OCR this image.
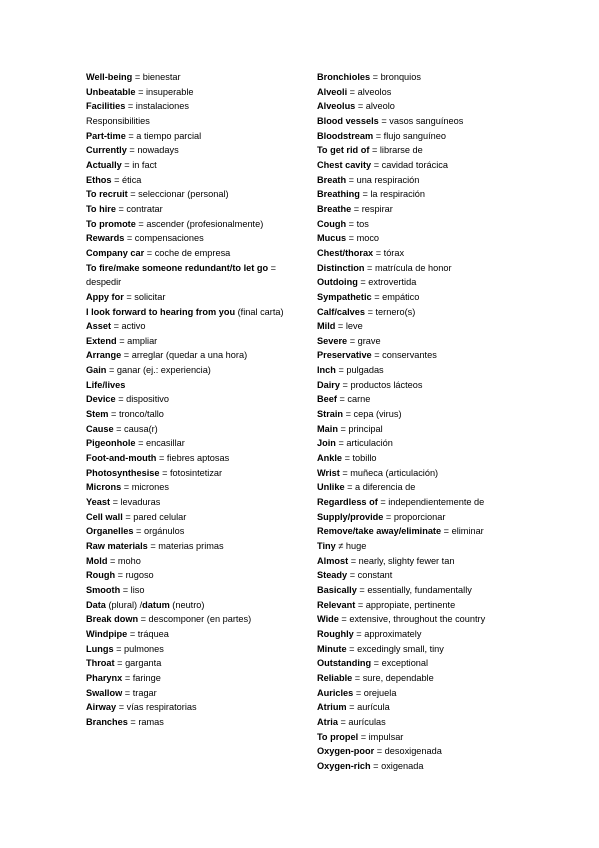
Well-being = bienestar
Unbeatable = insuperable
Facilities = instalaciones
Responsibilities
Part-time = a tiempo parcial
Currently = nowadays
Actually = in fact
Ethos = ética
To recruit = seleccionar (personal)
To hire = contratar
To promote = ascender (profesionalmente)
Rewards = compensaciones
Company car = coche de empresa
To fire/make someone redundant/to let go = despedir
Appy for = solicitar
I look forward to hearing from you (final carta)
Asset = activo
Extend = ampliar
Arrange = arreglar (quedar a una hora)
Gain = ganar (ej.: experiencia)
Life/lives
Device = dispositivo
Stem = tronco/tallo
Cause = causa(r)
Pigeonhole = encasillar
Foot-and-mouth = fiebres aptosas
Photosynthesise = fotosintetizar
Microns = micrones
Yeast = levaduras
Cell wall = pared celular
Organelles = orgánulos
Raw materials = materias primas
Mold = moho
Rough = rugoso
Smooth = liso
Data (plural) /datum (neutro)
Break down = descomponer (en partes)
Windpipe = tráquea
Lungs = pulmones
Throat = garganta
Pharynx = faringe
Swallow = tragar
Airway = vías respiratorias
Branches = ramas
Bronchioles = bronquios
Alveoli = alveolos
Alveolus = alveolo
Blood vessels = vasos sanguíneos
Bloodstream = flujo sanguíneo
To get rid of = librarse de
Chest cavity = cavidad torácica
Breath = una respiración
Breathing = la respiración
Breathe = respirar
Cough = tos
Mucus = moco
Chest/thorax = tórax
Distinction = matrícula de honor
Outdoing = extrovertida
Sympathetic = empático
Calf/calves = ternero(s)
Mild = leve
Severe = grave
Preservative = conservantes
Inch = pulgadas
Dairy = productos lácteos
Beef = carne
Strain = cepa (virus)
Main = principal
Join = articulación
Ankle = tobillo
Wrist = muñeca (articulación)
Unlike = a diferencia de
Regardless of = independientemente de
Supply/provide = proporcionar
Remove/take away/eliminate = eliminar
Tiny ≠ huge
Almost = nearly, slighty fewer tan
Steady = constant
Basically = essentially, fundamentally
Relevant = appropiate, pertinente
Wide = extensive, throughout the country
Roughly = approximately
Minute = excedingly small, tiny
Outstanding = exceptional
Reliable = sure, dependable
Auricles = orejuela
Atrium = aurícula
Atria = aurículas
To propel = impulsar
Oxygen-poor = desoxigenada
Oxygen-rich = oxigenada
